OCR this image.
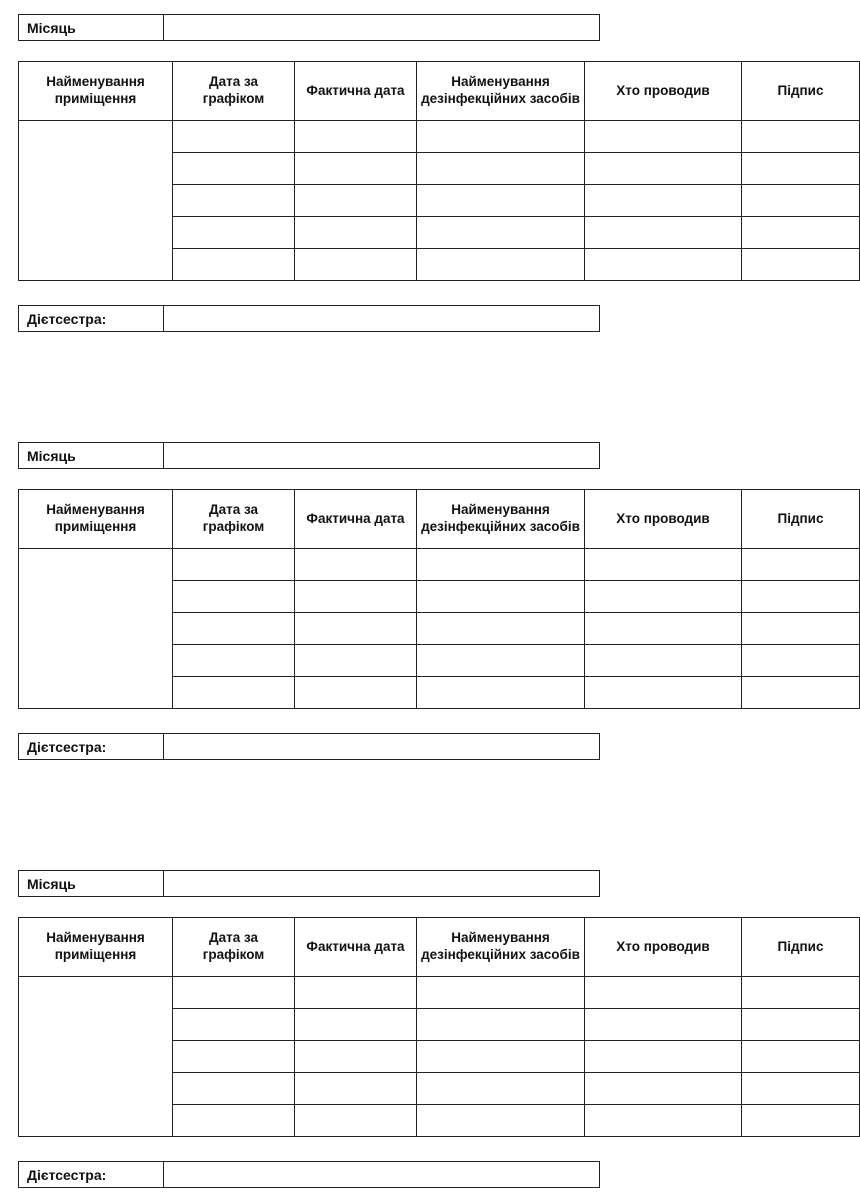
Місяць
Найменування приміщення	Дата за графіком	Фактична дата	Найменування дезінфекційних засобів	Хто проводив	Підпис

Дієтсестра:
Місяць
Найменування приміщення	Дата за графіком	Фактична дата	Найменування дезінфекційних засобів	Хто проводив	Підпис

Дієтсестра:
Місяць
Найменування приміщення	Дата за графіком	Фактична дата	Найменування дезінфекційних засобів	Хто проводив	Підпис

Дієтсестра:
